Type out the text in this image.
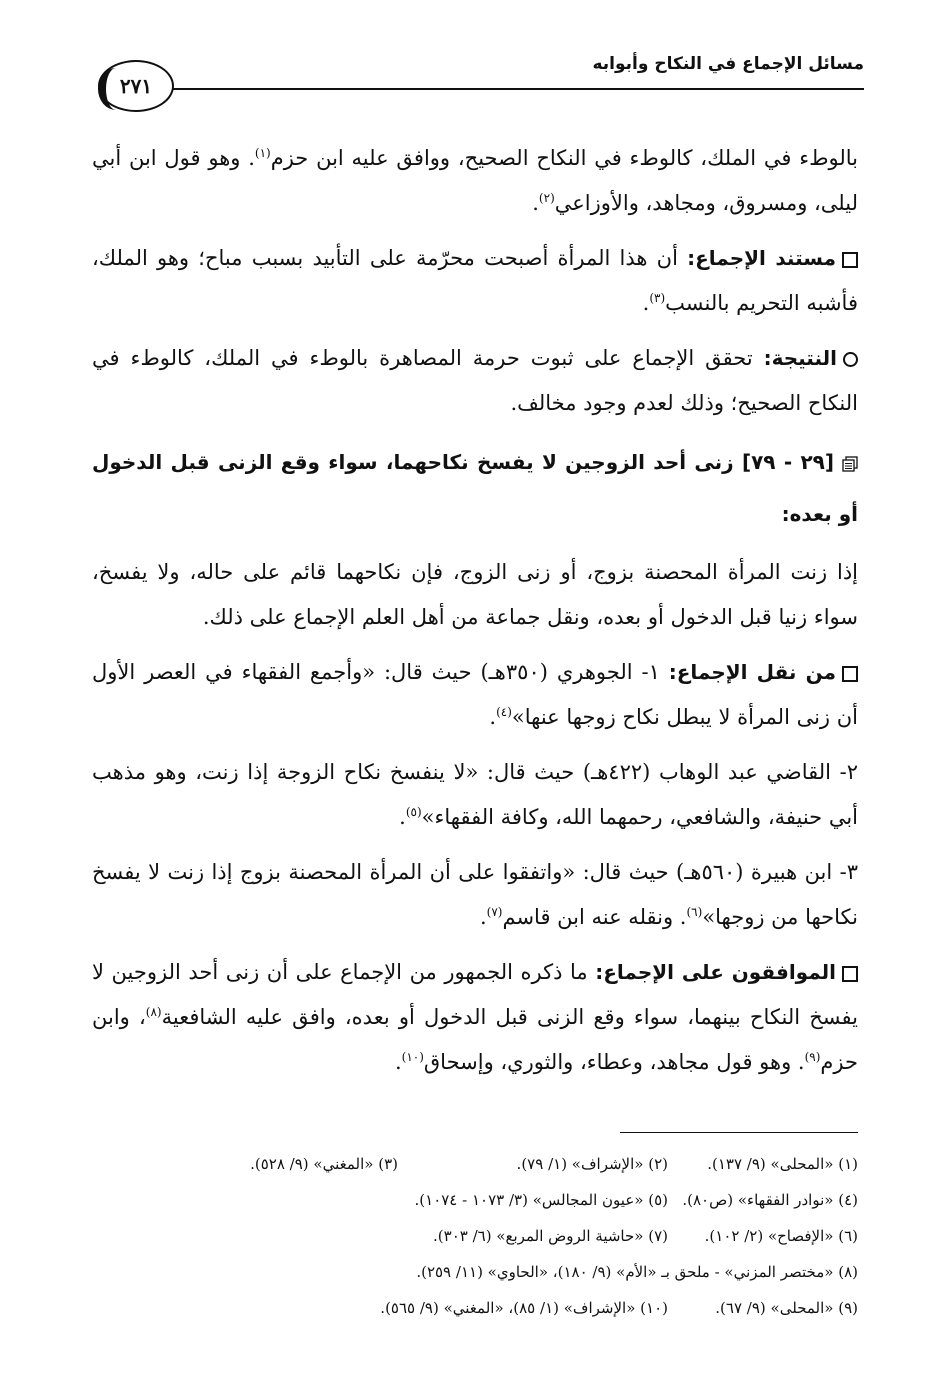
مسائل الإجماع في النكاح وأبوابه
٢٧١

بالوطء في الملك، كالوطء في النكاح الصحيح، ووافق عليه ابن حزم$^{(١)}$. وهو قول ابن أبي ليلى، ومسروق، ومجاهد، والأوزاعي$^{(٢)}$.

مستند الإجماع: أن هذا المرأة أصبحت محرّمة على التأبيد بسبب مباح؛ وهو الملك، فأشبه التحريم بالنسب$^{(٣)}$.

النتيجة: تحقق الإجماع على ثبوت حرمة المصاهرة بالوطء في الملك، كالوطء في النكاح الصحيح؛ وذلك لعدم وجود مخالف.

[٢٩ - ٧٩] زنى أحد الزوجين لا يفسخ نكاحهما، سواء وقع الزنى قبل الدخول أو بعده:

إذا زنت المرأة المحصنة بزوج، أو زنى الزوج، فإن نكاحهما قائم على حاله، ولا يفسخ، سواء زنيا قبل الدخول أو بعده، ونقل جماعة من أهل العلم الإجماع على ذلك.

من نقل الإجماع: ١- الجوهري (٣٥٠هـ) حيث قال: «وأجمع الفقهاء في العصر الأول أن زنى المرأة لا يبطل نكاح زوجها عنها»$^{(٤)}$.

٢- القاضي عبد الوهاب (٤٢٢هـ) حيث قال: «لا ينفسخ نكاح الزوجة إذا زنت، وهو مذهب أبي حنيفة، والشافعي، رحمهما الله، وكافة الفقهاء»$^{(٥)}$.

٣- ابن هبيرة (٥٦٠هـ) حيث قال: «واتفقوا على أن المرأة المحصنة بزوج إذا زنت لا يفسخ نكاحها من زوجها»$^{(٦)}$. ونقله عنه ابن قاسم$^{(٧)}$.

الموافقون على الإجماع: ما ذكره الجمهور من الإجماع على أن زنى أحد الزوجين لا يفسخ النكاح بينهما، سواء وقع الزنى قبل الدخول أو بعده، وافق عليه الشافعية$^{(٨)}$، وابن حزم$^{(٩)}$. وهو قول مجاهد، وعطاء، والثوري، وإسحاق$^{(١٠)}$.

(١) «المحلى» (٩/ ١٣٧).
(٢) «الإشراف» (١/ ٧٩).
(٣) «المغني» (٩/ ٥٢٨).
(٤) «نوادر الفقهاء» (ص٨٠).
(٥) «عيون المجالس» (٣/ ١٠٧٣ - ١٠٧٤).
(٦) «الإفصاح» (٢/ ١٠٢).
(٧) «حاشية الروض المربع» (٦/ ٣٠٣).
(٨) «مختصر المزني» - ملحق بـ «الأم» (٩/ ١٨٠)، «الحاوي» (١١/ ٢٥٩).
(٩) «المحلى» (٩/ ٦٧).
(١٠) «الإشراف» (١/ ٨٥)، «المغني» (٩/ ٥٦٥).
